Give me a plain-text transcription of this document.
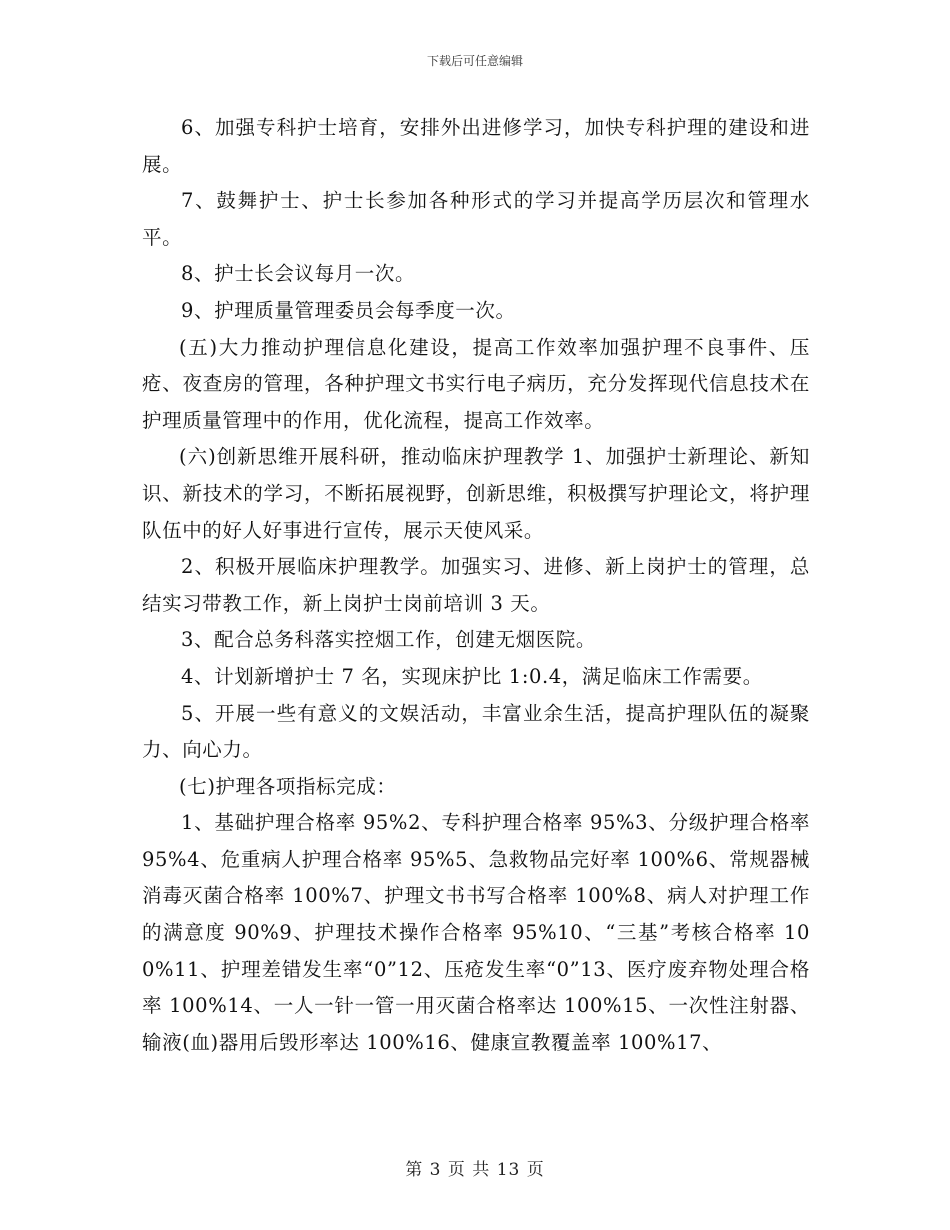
下载后可任意编辑

6、加强专科护士培育，安排外出进修学习，加快专科护理的建设和进展。

7、鼓舞护士、护士长参加各种形式的学习并提高学历层次和管理水平。

8、护士长会议每月一次。

9、护理质量管理委员会每季度一次。

(五)大力推动护理信息化建设，提高工作效率加强护理不良事件、压疮、夜查房的管理，各种护理文书实行电子病历，充分发挥现代信息技术在护理质量管理中的作用，优化流程，提高工作效率。

(六)创新思维开展科研，推动临床护理教学 1、加强护士新理论、新知识、新技术的学习，不断拓展视野，创新思维，积极撰写护理论文，将护理队伍中的好人好事进行宣传，展示天使风采。

2、积极开展临床护理教学。加强实习、进修、新上岗护士的管理，总结实习带教工作，新上岗护士岗前培训 3 天。

3、配合总务科落实控烟工作，创建无烟医院。

4、计划新增护士 7 名，实现床护比 1:0.4，满足临床工作需要。

5、开展一些有意义的文娱活动，丰富业余生活，提高护理队伍的凝聚力、向心力。

(七)护理各项指标完成：

1、基础护理合格率 95%2、专科护理合格率 95%3、分级护理合格率 95%4、危重病人护理合格率 95%5、急救物品完好率 100%6、常规器械消毒灭菌合格率 100%7、护理文书书写合格率 100%8、病人对护理工作的满意度 90%9、护理技术操作合格率 95%10、“三基”考核合格率 100%11、护理差错发生率“0”12、压疮发生率“0”13、医疗废弃物处理合格率 100%14、一人一针一管一用灭菌合格率达 100%15、一次性注射器、输液(血)器用后毁形率达 100%16、健康宣教覆盖率 100%17、

第 3 页 共 13 页
